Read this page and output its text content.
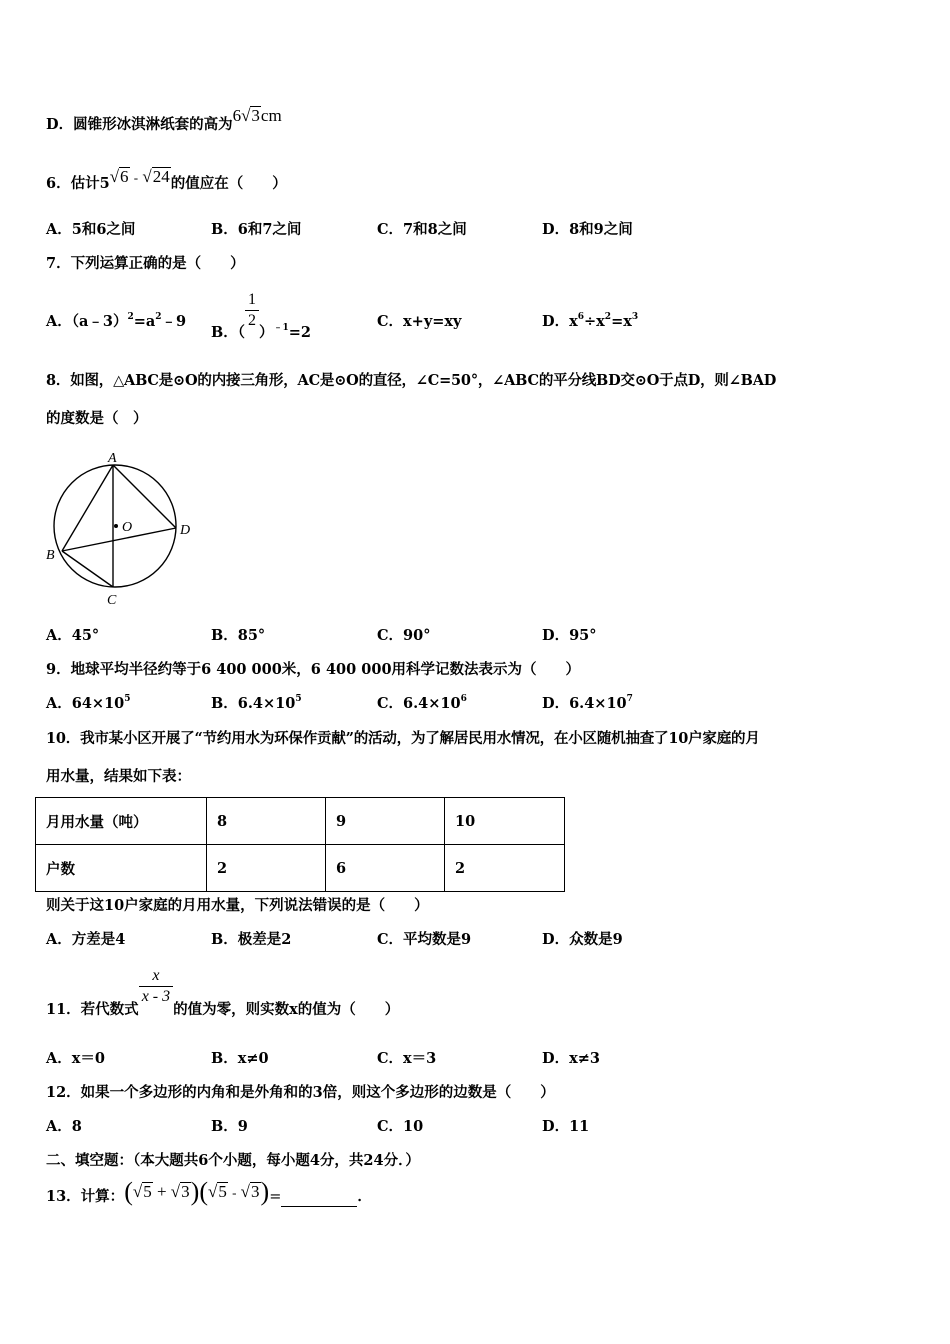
D．圆锥形冰淇淋纸套的高为6√3cm
6．估计5√6 - √24的值应在（　　）
A．5和6之间	B．6和7之间	C．7和8之间	D．8和9之间
7．下列运算正确的是（　　）
A．$(a﹣3)^2=a^2﹣9$
B．（
$\frac{1}{2}$
）$^{﹣1}$=2
C．x+y=xy	D．$x^6\div x^2=x^3$
8．如图，△ABC是⊙O的内接三角形，AC是⊙O的直径，∠C=50°，∠ABC的平分线BD交⊙O于点D，则∠BAD
的度数是（　）
A
B
C
D
O
A．45°	B．85°	C．90°	D．95°
9．地球平均半径约等于6 400 000米，6 400 000用科学记数法表示为（　　）
A．$64\times 10^5$	B．$6.4\times 10^5$	C．$6.4\times 10^6$	D．$6.4\times 10^7$
10．我市某小区开展了“节约用水为环保作贡献”的活动，为了解居民用水情况，在小区随机抽查了10户家庭的月
用水量，结果如下表：
月用水量（吨）	8	9	10
户数	2	6	2
则关于这10户家庭的月用水量，下列说法错误的是（　　）
A．方差是4	B．极差是2	C．平均数是9	D．众数是9
11．若代数式
$\frac{x}{x - 3}$
的值为零，则实数x的值为（　　）
A．x＝0	B．x≠0	C．x＝3	D．x≠3
12．如果一个多边形的内角和是外角和的3倍，则这个多边形的边数是（　　）
A．8	B．9	C．10	D．11
二、填空题：（本大题共6个小题，每小题4分，共24分．）
13．计算：(√5 + √3)(√5 - √3)=	．
